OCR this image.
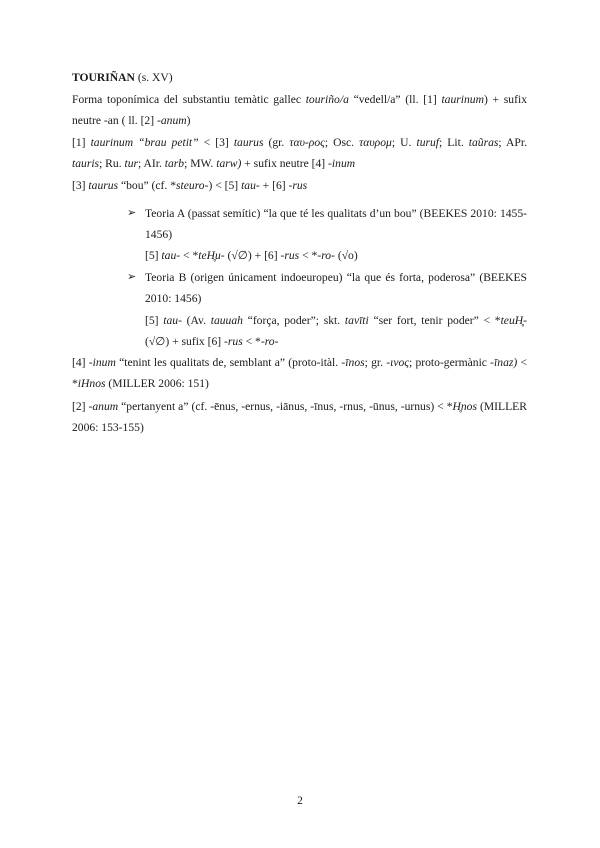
TOURIÑAN (s. XV)

Forma toponímica del substantiu temàtic gallec touriño/a “vedell/a” (ll. [1] taurinum) + sufix neutre -an ( ll. [2] -anum)

[1] taurinum “brau petit” < [3] taurus (gr. ταυ-ρος; Osc. ταυρομ; U. turuf; Lit. taũras; APr. tauris; Ru. tur; AIr. tarb; MW. tarw) + sufix neutre [4] -inum

[3] taurus “bou” (cf. *steuro-) < [5] tau- + [6] -rus

➢ Teoria A (passat semític) “la que té les qualitats d’un bou” (BEEKES 2010: 1455-1456)

[5] tau- < *teH̥u- (√∅) + [6] -rus < *-ro- (√o)

➢ Teoria B (origen únicament indoeuropeu) “la que és forta, poderosa” (BEEKES 2010: 1456)

[5] tau- (Av. tauuah “força, poder”; skt. tavīti “ser fort, tenir poder” < *teuH̥- (√∅) + sufix [6] -rus < *-ro-

[4] -inum “tenint les qualitats de, semblant a” (proto-itàl. -īnos; gr. -ινος; proto-germànic -īnaz) < *iHnos (MILLER 2006: 151)

[2] -anum “pertanyent a” (cf. -ēnus, -ernus, -iānus, -īnus, -rnus, -ūnus, -urnus) < *H̥nos (MILLER 2006: 153-155)

2
